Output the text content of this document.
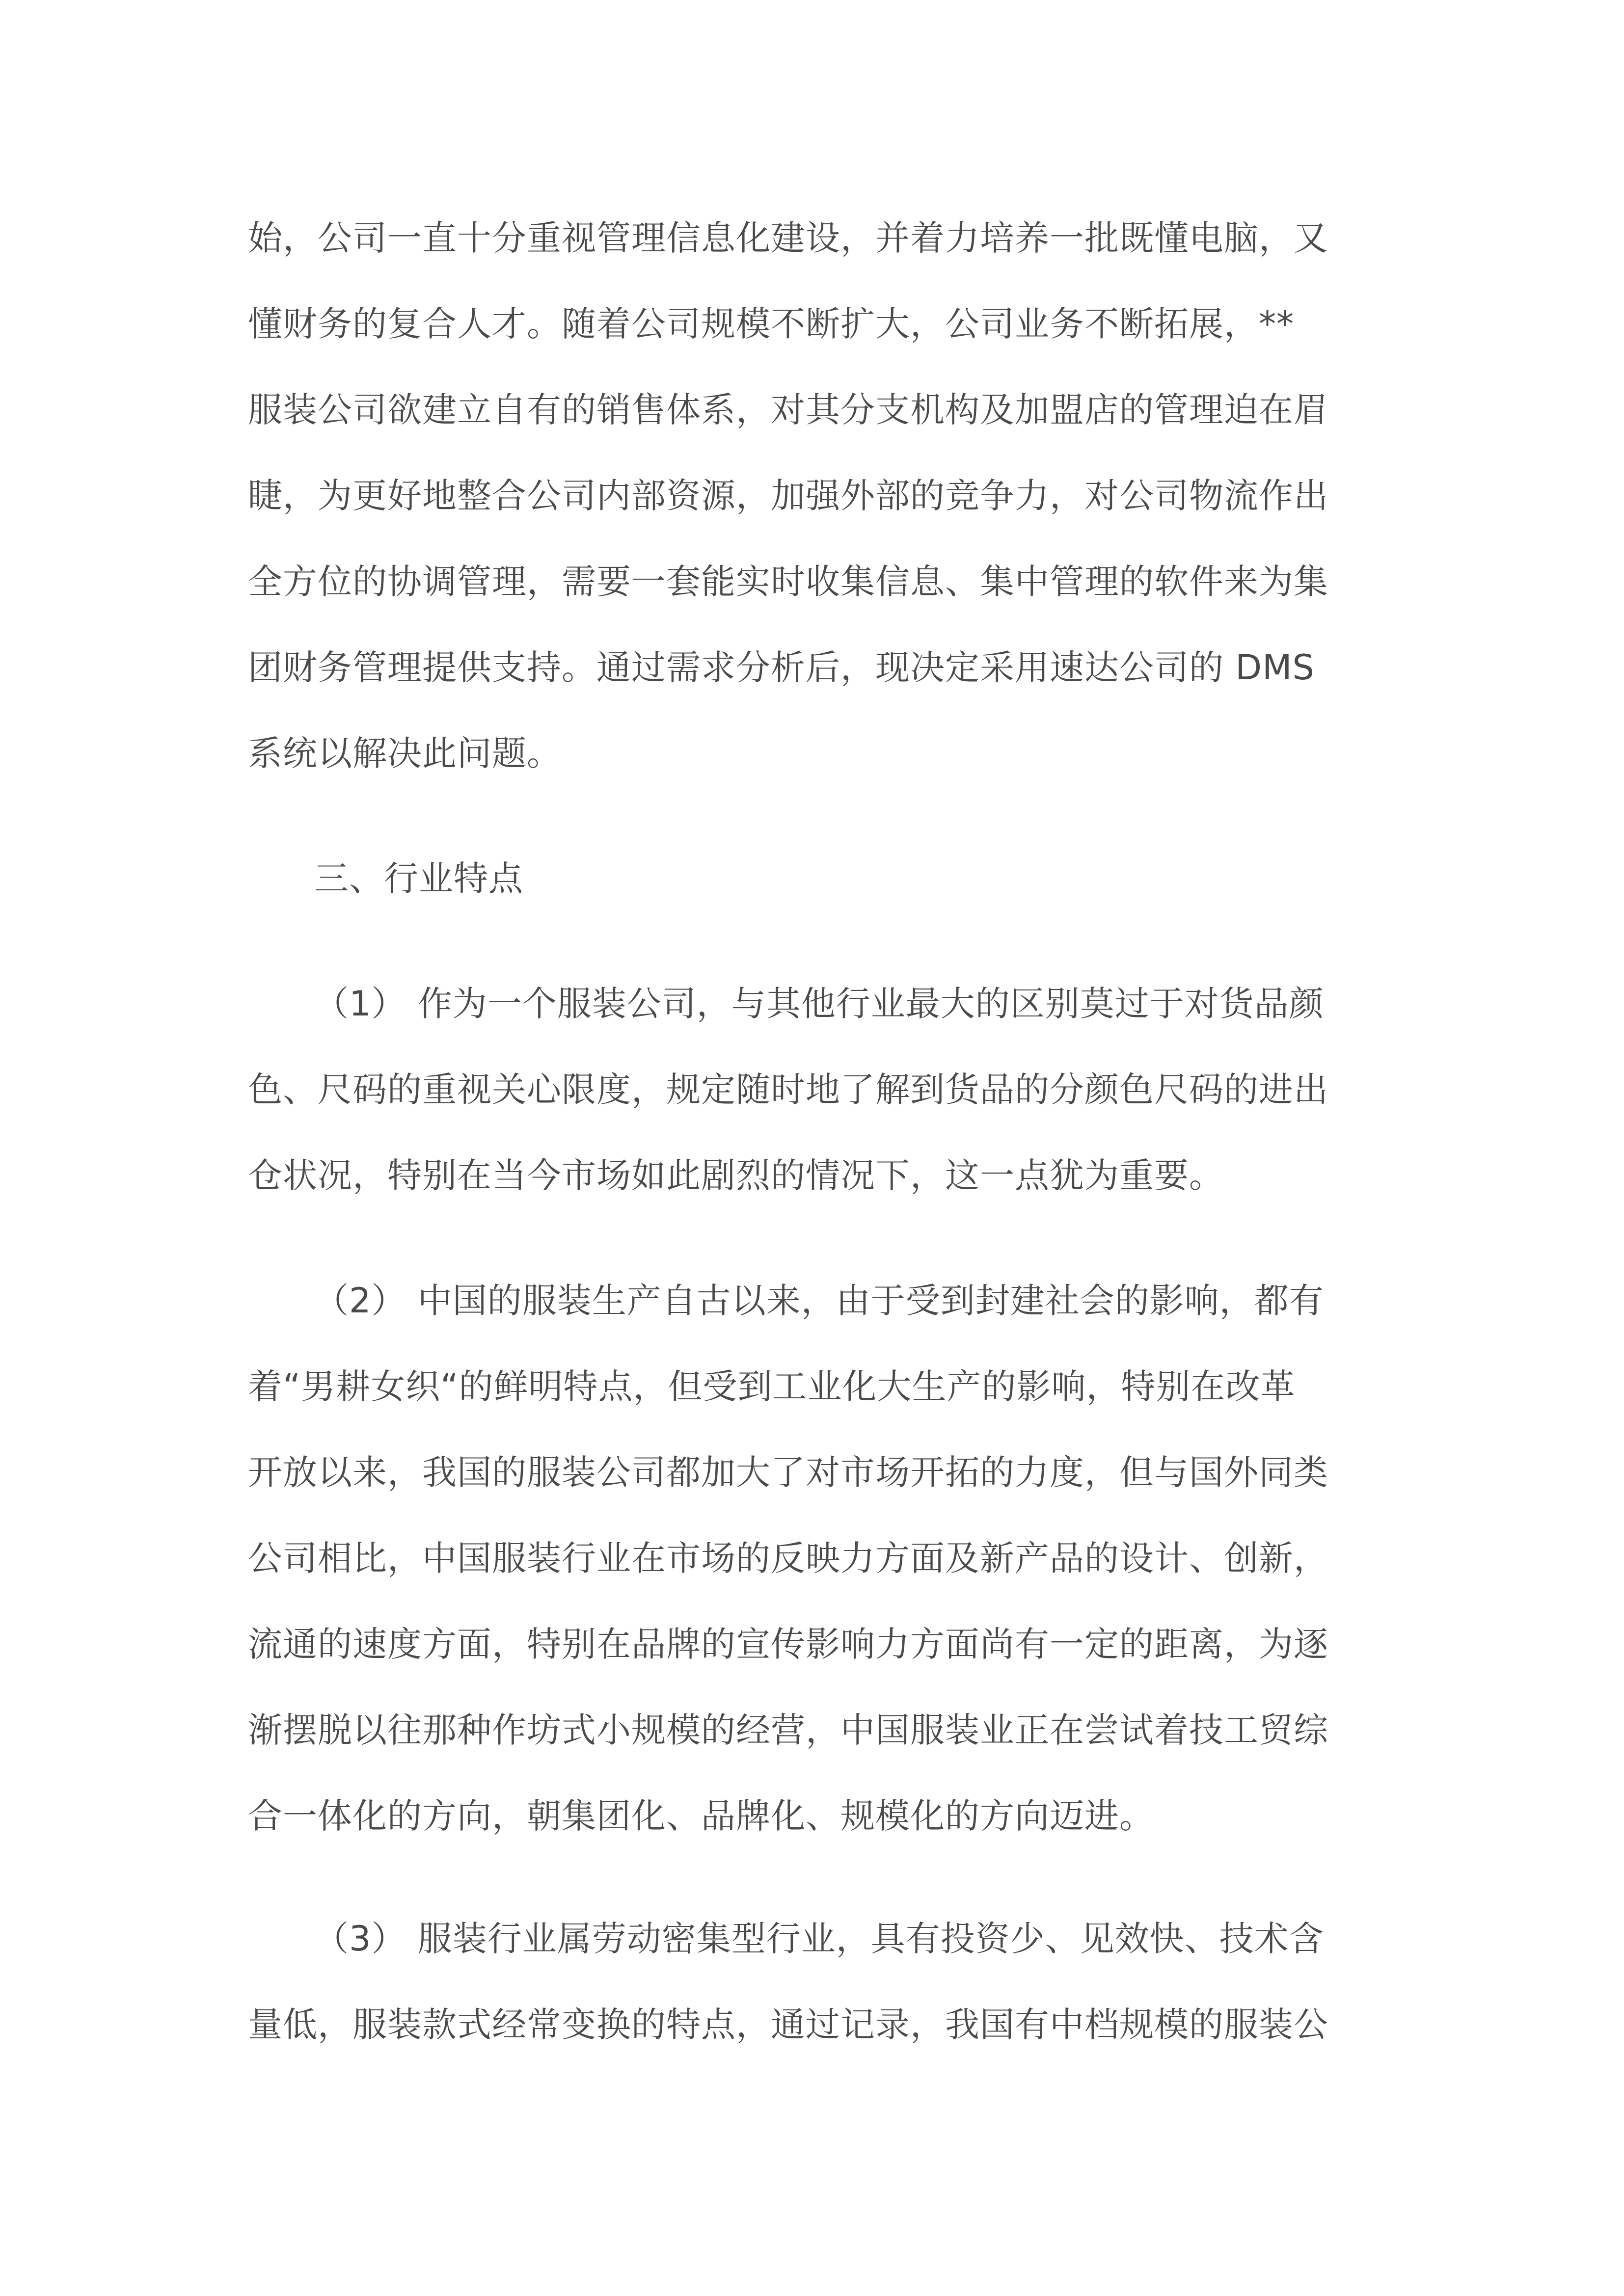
始，公司一直十分重视管理信息化建设，并着力培养一批既懂电脑，又
懂财务的复合人才。随着公司规模不断扩大，公司业务不断拓展，**
服装公司欲建立自有的销售体系，对其分支机构及加盟店的管理迫在眉
睫，为更好地整合公司内部资源，加强外部的竞争力，对公司物流作出
全方位的协调管理，需要一套能实时收集信息、集中管理的软件来为集
团财务管理提供支持。通过需求分析后，现决定采用速达公司的 DMS
系统以解决此问题。
三、行业特点
（1） 作为一个服装公司，与其他行业最大的区别莫过于对货品颜
色、尺码的重视关心限度，规定随时地了解到货品的分颜色尺码的进出
仓状况，特别在当今市场如此剧烈的情况下，这一点犹为重要。
（2） 中国的服装生产自古以来，由于受到封建社会的影响，都有
着“男耕女织“的鲜明特点，但受到工业化大生产的影响，特别在改革
开放以来，我国的服装公司都加大了对市场开拓的力度，但与国外同类
公司相比，中国服装行业在市场的反映力方面及新产品的设计、创新，
流通的速度方面，特别在品牌的宣传影响力方面尚有一定的距离，为逐
渐摆脱以往那种作坊式小规模的经营，中国服装业正在尝试着技工贸综
合一体化的方向，朝集团化、品牌化、规模化的方向迈进。
（3） 服装行业属劳动密集型行业，具有投资少、见效快、技术含
量低，服装款式经常变换的特点，通过记录，我国有中档规模的服装公
